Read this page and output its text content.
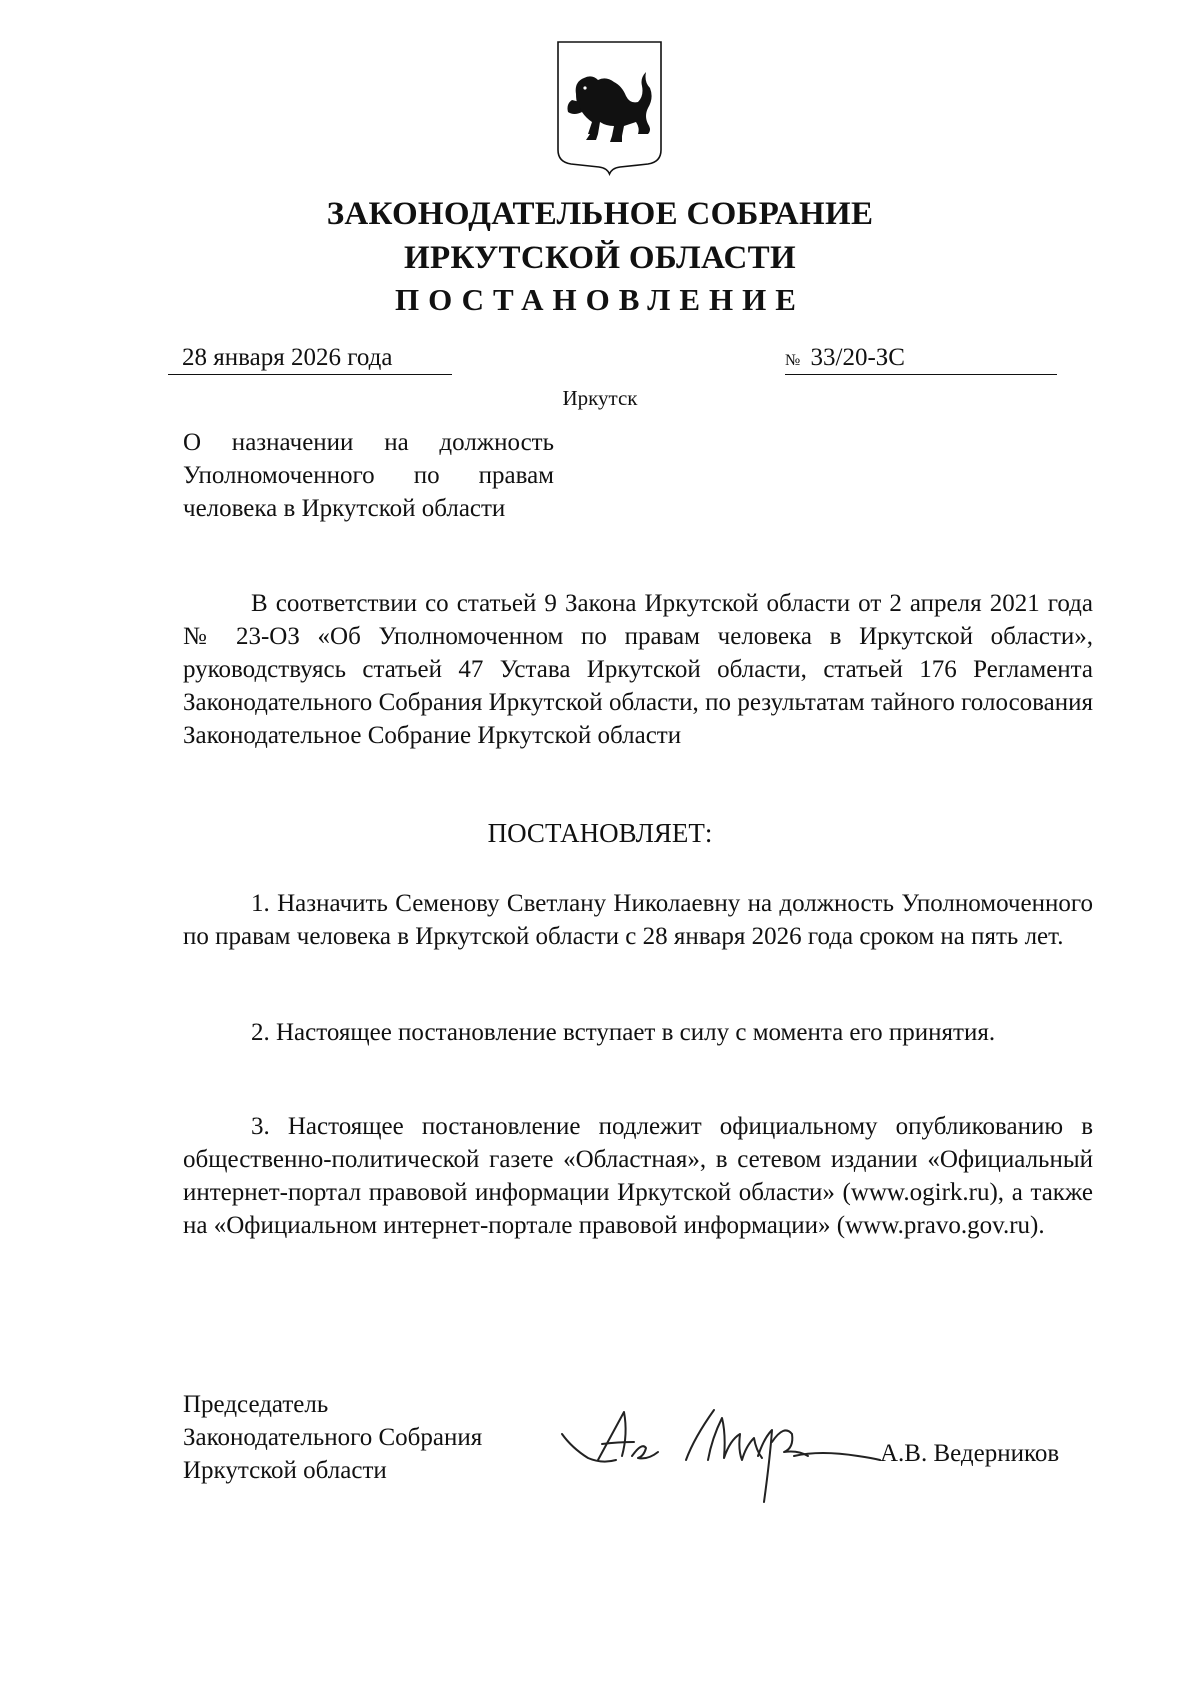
ЗАКОНОДАТЕЛЬНОЕ СОБРАНИЕ
ИРКУТСКОЙ ОБЛАСТИ
ПОСТАНОВЛЕНИЕ
28 января 2026 года	№ 33/20-ЗС
Иркутск
О назначении на должность
Уполномоченного по правам
человека в Иркутской области

В соответствии со статьей 9 Закона Иркутской области от 2 апреля 2021 года № 23-ОЗ «Об Уполномоченном по правам человека в Иркутской области», руководствуясь статьей 47 Устава Иркутской области, статьей 176 Регламента Законодательного Собрания Иркутской области, по результатам тайного голосования Законодательное Собрание Иркутской области

ПОСТАНОВЛЯЕТ:

1. Назначить Семенову Светлану Николаевну на должность Уполномоченного по правам человека в Иркутской области с 28 января 2026 года сроком на пять лет.

2. Настоящее постановление вступает в силу с момента его принятия.

3. Настоящее постановление подлежит официальному опубликованию в общественно-политической газете «Областная», в сетевом издании «Официальный интернет-портал правовой информации Иркутской области» (www.ogirk.ru), а также на «Официальном интернет-портале правовой информации» (www.pravo.gov.ru).

Председатель
Законодательного Собрания
Иркутской области
А.В. Ведерников
